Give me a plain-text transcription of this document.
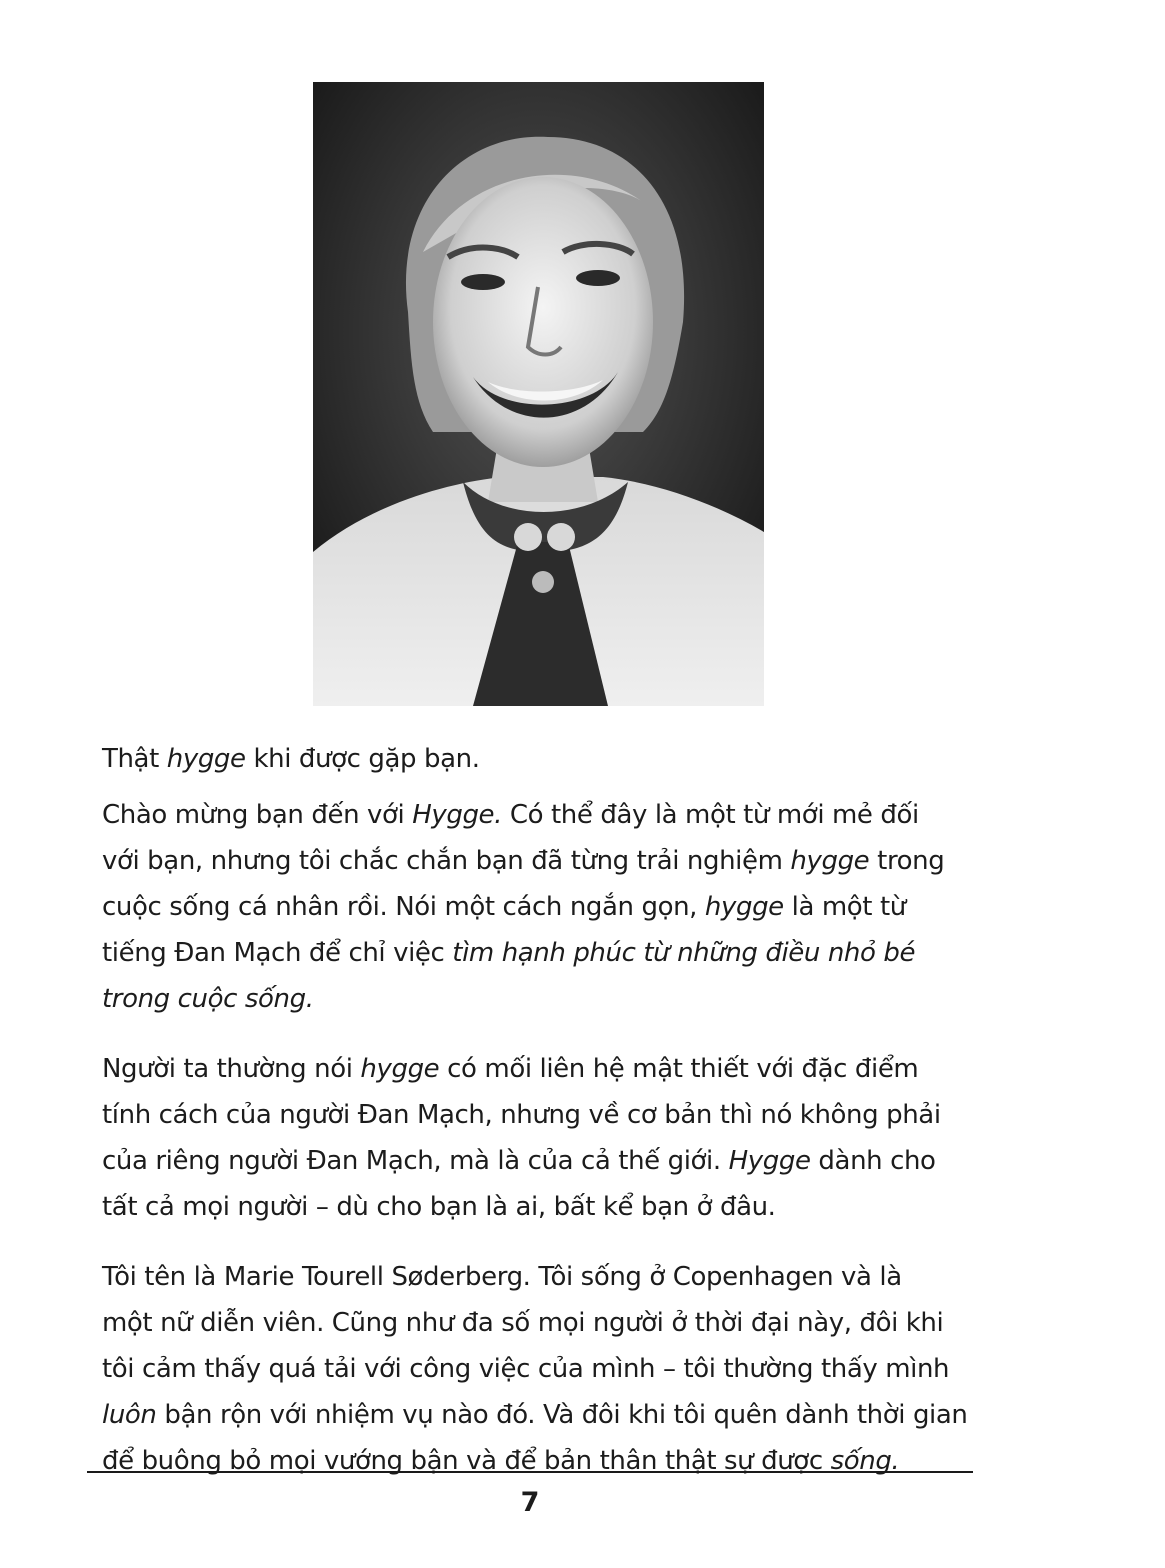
Thật hygge khi được gặp bạn.

Chào mừng bạn đến với Hygge. Có thể đây là một từ mới mẻ đối
với bạn, nhưng tôi chắc chắn bạn đã từng trải nghiệm hygge trong
cuộc sống cá nhân rồi. Nói một cách ngắn gọn, hygge là một từ
tiếng Đan Mạch để chỉ việc tìm hạnh phúc từ những điều nhỏ bé
trong cuộc sống.

Người ta thường nói hygge có mối liên hệ mật thiết với đặc điểm
tính cách của người Đan Mạch, nhưng về cơ bản thì nó không phải
của riêng người Đan Mạch, mà là của cả thế giới. Hygge dành cho
tất cả mọi người – dù cho bạn là ai, bất kể bạn ở đâu.

Tôi tên là Marie Tourell Søderberg. Tôi sống ở Copenhagen và là
một nữ diễn viên. Cũng như đa số mọi người ở thời đại này, đôi khi
tôi cảm thấy quá tải với công việc của mình – tôi thường thấy mình
luôn bận rộn với nhiệm vụ nào đó. Và đôi khi tôi quên dành thời gian
để buông bỏ mọi vướng bận và để bản thân thật sự được sống.

7
